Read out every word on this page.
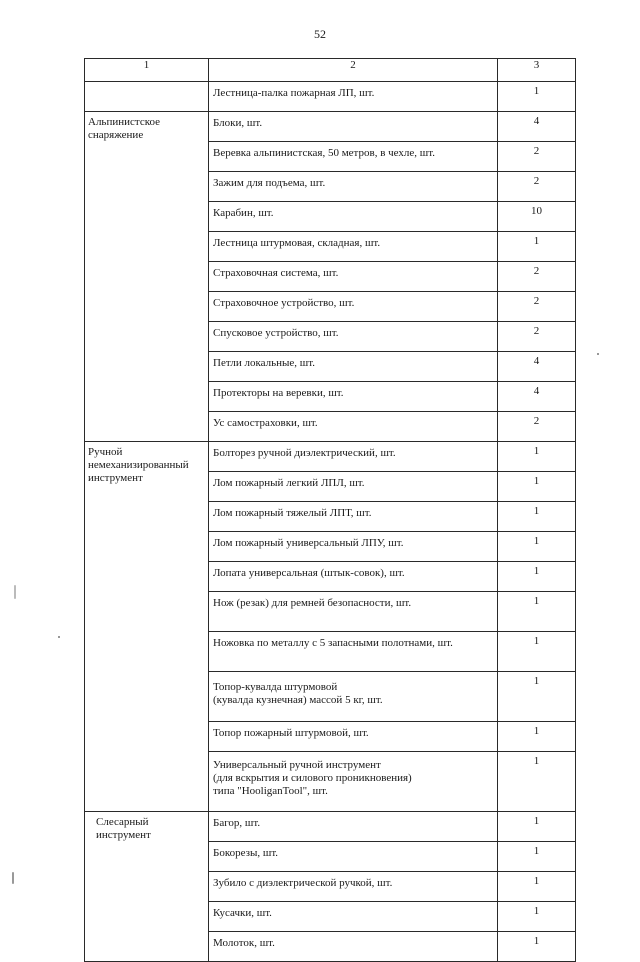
52
1	2	3
	Лестница-палка пожарная ЛП, шт.	1
Альпинистское
снаряжение	Блоки, шт.	4
	Веревка альпинистская, 50 метров, в чехле, шт.	2
	Зажим для подъема, шт.	2
	Карабин, шт.	10
	Лестница штурмовая, складная, шт.	1
	Страховочная система, шт.	2
	Страховочное устройство, шт.	2
	Спусковое устройство, шт.	2
	Петли локальные, шт.	4
	Протекторы на веревки, шт.	4
	Ус самостраховки, шт.	2
Ручной
немеханизированный
инструмент	Болторез ручной диэлектрический, шт.	1
	Лом пожарный легкий ЛПЛ, шт.	1
	Лом пожарный тяжелый ЛПТ, шт.	1
	Лом пожарный универсальный ЛПУ, шт.	1
	Лопата универсальная (штык-совок), шт.	1
	Нож (резак) для ремней безопасности, шт.	1
	Ножовка по металлу с 5 запасными полотнами, шт.	1
	Топор-кувалда штурмовой
(кувалда кузнечная) массой 5 кг, шт.	1
	Топор пожарный штурмовой, шт.	1
	Универсальный ручной инструмент
(для вскрытия и силового проникновения)
типа "HooliganTool", шт.	1
Слесарный
инструмент	Багор, шт.	1
	Бокорезы, шт.	1
	Зубило с диэлектрической ручкой, шт.	1
	Кусачки, шт.	1
	Молоток, шт.	1
